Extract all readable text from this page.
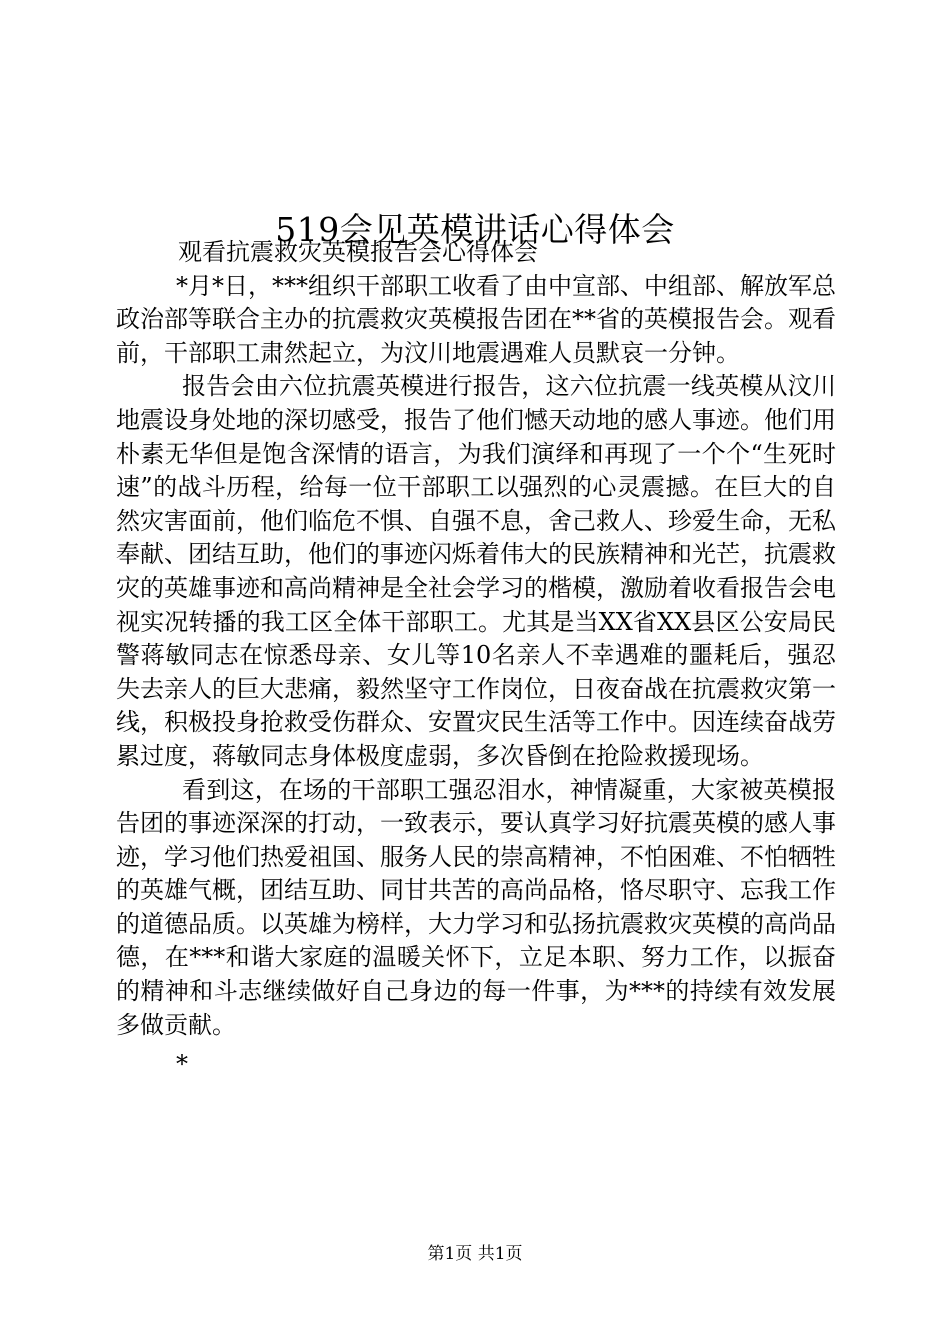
519会见英模讲话心得体会

观看抗震救灾英模报告会心得体会

*月*日，***组织干部职工收看了由中宣部、中组部、解放军总政治部等联合主办的抗震救灾英模报告团在**省的英模报告会。观看前，干部职工肃然起立，为汶川地震遇难人员默哀一分钟。

报告会由六位抗震英模进行报告，这六位抗震一线英模从汶川地震设身处地的深切感受，报告了他们憾天动地的感人事迹。他们用朴素无华但是饱含深情的语言，为我们演绎和再现了一个个“生死时速”的战斗历程，给每一位干部职工以强烈的心灵震撼。在巨大的自然灾害面前，他们临危不惧、自强不息，舍己救人、珍爱生命，无私奉献、团结互助，他们的事迹闪烁着伟大的民族精神和光芒，抗震救灾的英雄事迹和高尚精神是全社会学习的楷模，激励着收看报告会电视实况转播的我工区全体干部职工。尤其是当XX省XX县区公安局民警蒋敏同志在惊悉母亲、女儿等10名亲人不幸遇难的噩耗后，强忍失去亲人的巨大悲痛，毅然坚守工作岗位，日夜奋战在抗震救灾第一线，积极投身抢救受伤群众、安置灾民生活等工作中。因连续奋战劳累过度，蒋敏同志身体极度虚弱，多次昏倒在抢险救援现场。

看到这，在场的干部职工强忍泪水，神情凝重，大家被英模报告团的事迹深深的打动，一致表示，要认真学习好抗震英模的感人事迹，学习他们热爱祖国、服务人民的崇高精神，不怕困难、不怕牺牲的英雄气概，团结互助、同甘共苦的高尚品格，恪尽职守、忘我工作的道德品质。以英雄为榜样，大力学习和弘扬抗震救灾英模的高尚品德，在***和谐大家庭的温暖关怀下，立足本职、努力工作，以振奋的精神和斗志继续做好自己身边的每一件事，为***的持续有效发展多做贡献。

*

第1页 共1页
